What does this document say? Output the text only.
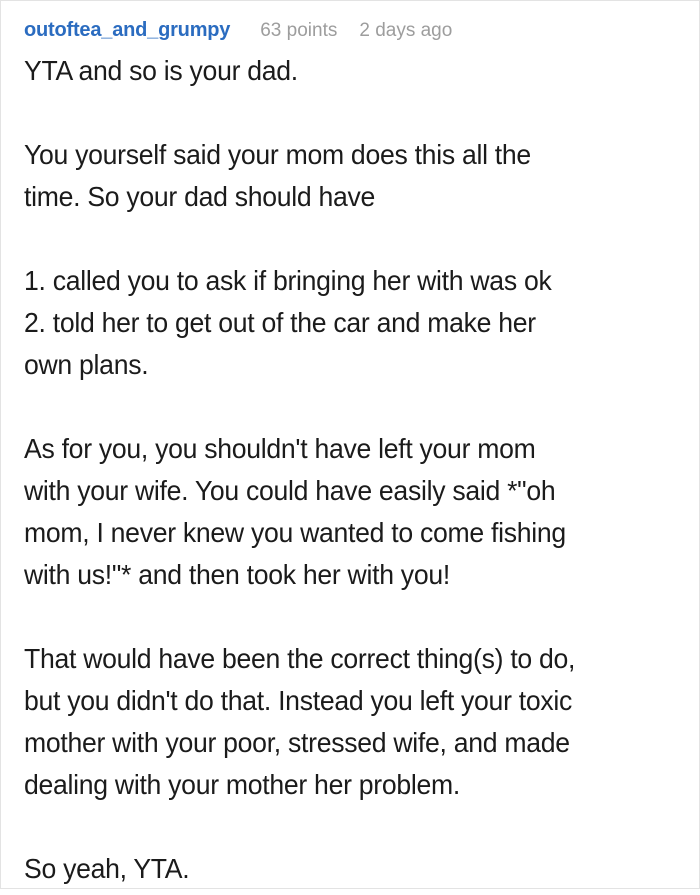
outoftea_and_grumpy 63 points 2 days ago
YTA and so is your dad.
You yourself said your mom does this all the
time. So your dad should have
1. called you to ask if bringing her with was ok
2. told her to get out of the car and make her
own plans.
As for you, you shouldn't have left your mom
with your wife. You could have easily said *"oh
mom, I never knew you wanted to come fishing
with us!"* and then took her with you!
That would have been the correct thing(s) to do,
but you didn't do that. Instead you left your toxic
mother with your poor, stressed wife, and made
dealing with your mother her problem.
So yeah, YTA.
